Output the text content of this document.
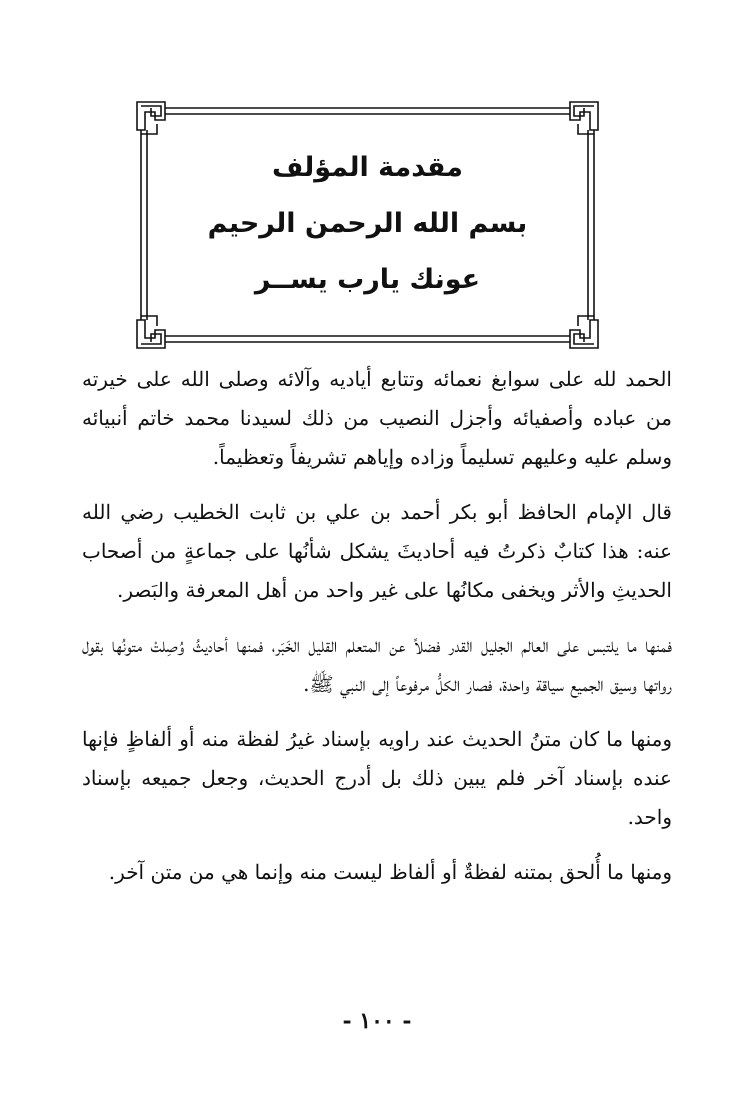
مقدمة المؤلف
بسم الله الرحمن الرحيم
عونك يارب يســر

الحمد لله على سوابغ نعمائه وتتابع أياديه وآلائه وصلى الله على خيرته من عباده وأصفيائه وأجزل النصيب من ذلك لسيدنا محمد خاتم أنبيائه وسلم عليه وعليهم تسليماً وزاده وإياهم تشريفاً وتعظيماً.

قال الإمام الحافظ أبو بكر أحمد بن علي بن ثابت الخطيب رضي الله عنه: هذا كتابٌ ذكرتُ فيه أحاديثَ يشكل شأنُها على جماعةٍ من أصحاب الحديثِ والأثر ويخفى مكانُها على غير واحد من أهل المعرفة والبَصر.

فمنها ما يلتبس على العالم الجليل القدر فضلاً عن المتعلم القليل الخَبَر، فمنها أحاديثُ وُصِلتْ متونُها بقول رواتها وسيق الجميع سياقة واحدة، فصار الكلُّ مرفوعاً إلى النبي ﷺ.

ومنها ما كان متنُ الحديث عند راويه بإسناد غيرُ لفظة منه أو ألفاظٍ فإنها عنده بإسناد آخر فلم يبين ذلك بل أدرج الحديث، وجعل جميعه بإسناد واحد.

ومنها ما أُلحق بمتنه لفظةٌ أو ألفاظ ليست منه وإنما هي من متن آخر.

- ١٠٠ -
